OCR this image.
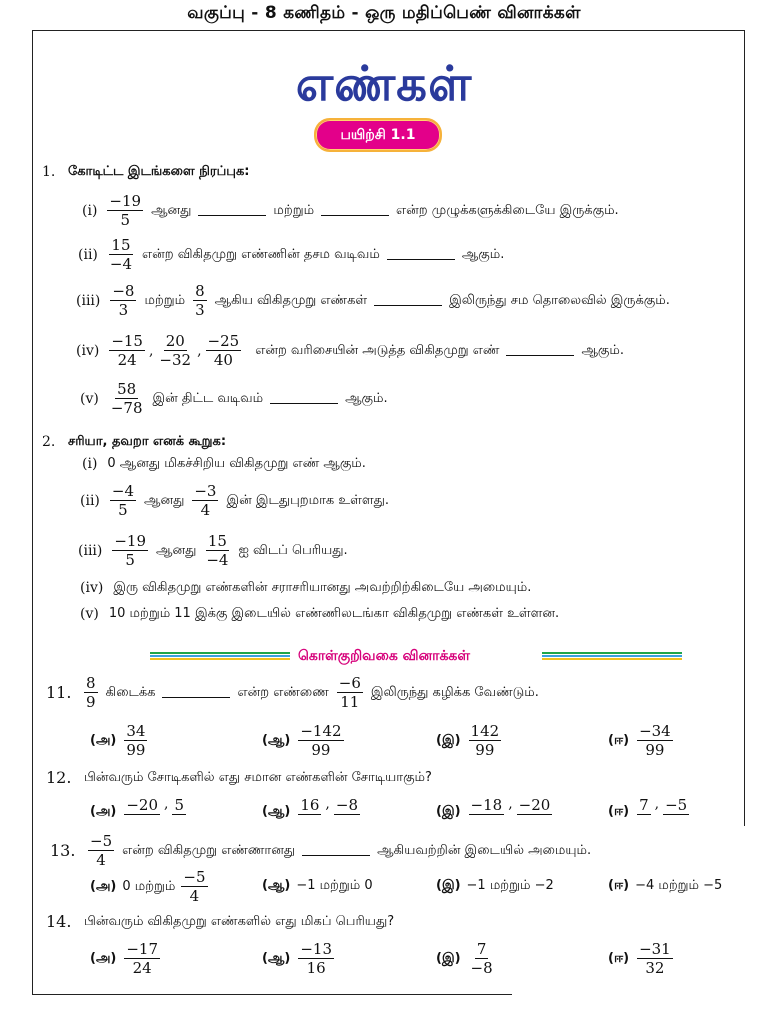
வகுப்பு - 8 கணிதம் - ஒரு மதிப்பெண் வினாக்கள்
எண்கள்
பயிற்சி 1.1
1. கோடிட்ட இடங்களை நிரப்புக:
$(i) \frac{-19}{5}$ ஆனது	மற்றும்	என்ற முழுக்களுக்கிடையே இருக்கும்.
$(ii) \frac{15}{-4}$ என்ற விகிதமுறு எண்ணின் தசம வடிவம்	ஆகும்.
$(iii) \frac{-8}{3}$ மற்றும் $\frac{8}{3}$ ஆகிய விகிதமுறு எண்கள்	இலிருந்து சம தொலைவில் இருக்கும்.
$(iv) \frac{-15}{24}$ , $\frac{20}{-32}$ , $\frac{-25}{40}$ என்ற வரிசையின் அடுத்த விகிதமுறு எண்	ஆகும்.
$(v) \frac{58}{-78}$ இன் திட்ட வடிவம்	ஆகும்.
2. சரியா, தவறா எனக் கூறுக:
(i) 0 ஆனது மிகச்சிறிய விகிதமுறு எண் ஆகும்.
$(ii) \frac{-4}{5}$ ஆனது $\frac{-3}{4}$ இன் இடதுபுறமாக உள்ளது.
$(iii) \frac{-19}{5}$ ஆனது $\frac{15}{-4}$ ஐ விடப் பெரியது.
(iv) இரு விகிதமுறு எண்களின் சராசரியானது அவற்றிற்கிடையே அமையும்.
(v) 10 மற்றும் 11 இக்கு இடையில் எண்ணிலடங்கா விகிதமுறு எண்கள் உள்ளன.
கொள்குறிவகை வினாக்கள்
11. $\frac{8}{9}$ கிடைக்க	என்ற எண்ணை $\frac{-6}{11}$ இலிருந்து கழிக்க வேண்டும்.
(அ) $\frac{34}{99}$	(ஆ) $\frac{-142}{99}$	(இ) $\frac{142}{99}$	(ஈ) $\frac{-34}{99}$
12. பின்வரும் சோடிகளில் எது சமான எண்களின் சோடியாகும்?
(அ) −20
, 5
	(ஆ) 16
, −8
	(இ) −18
, −20
	(ஈ) 7
, −5

13. $\frac{-5}{4}$ என்ற விகிதமுறு எண்ணானது	ஆகியவற்றின் இடையில் அமையும்.
(அ) 0 மற்றும் $\frac{-5}{4}$	(ஆ) −1 மற்றும் 0	(இ) −1 மற்றும் −2	(ஈ) −4 மற்றும் −5
14. பின்வரும் விகிதமுறு எண்களில் எது மிகப் பெரியது?
(அ) $\frac{-17}{24}$	(ஆ) $\frac{-13}{16}$	(இ) $\frac{7}{-8}$	(ஈ) $\frac{-31}{32}$
